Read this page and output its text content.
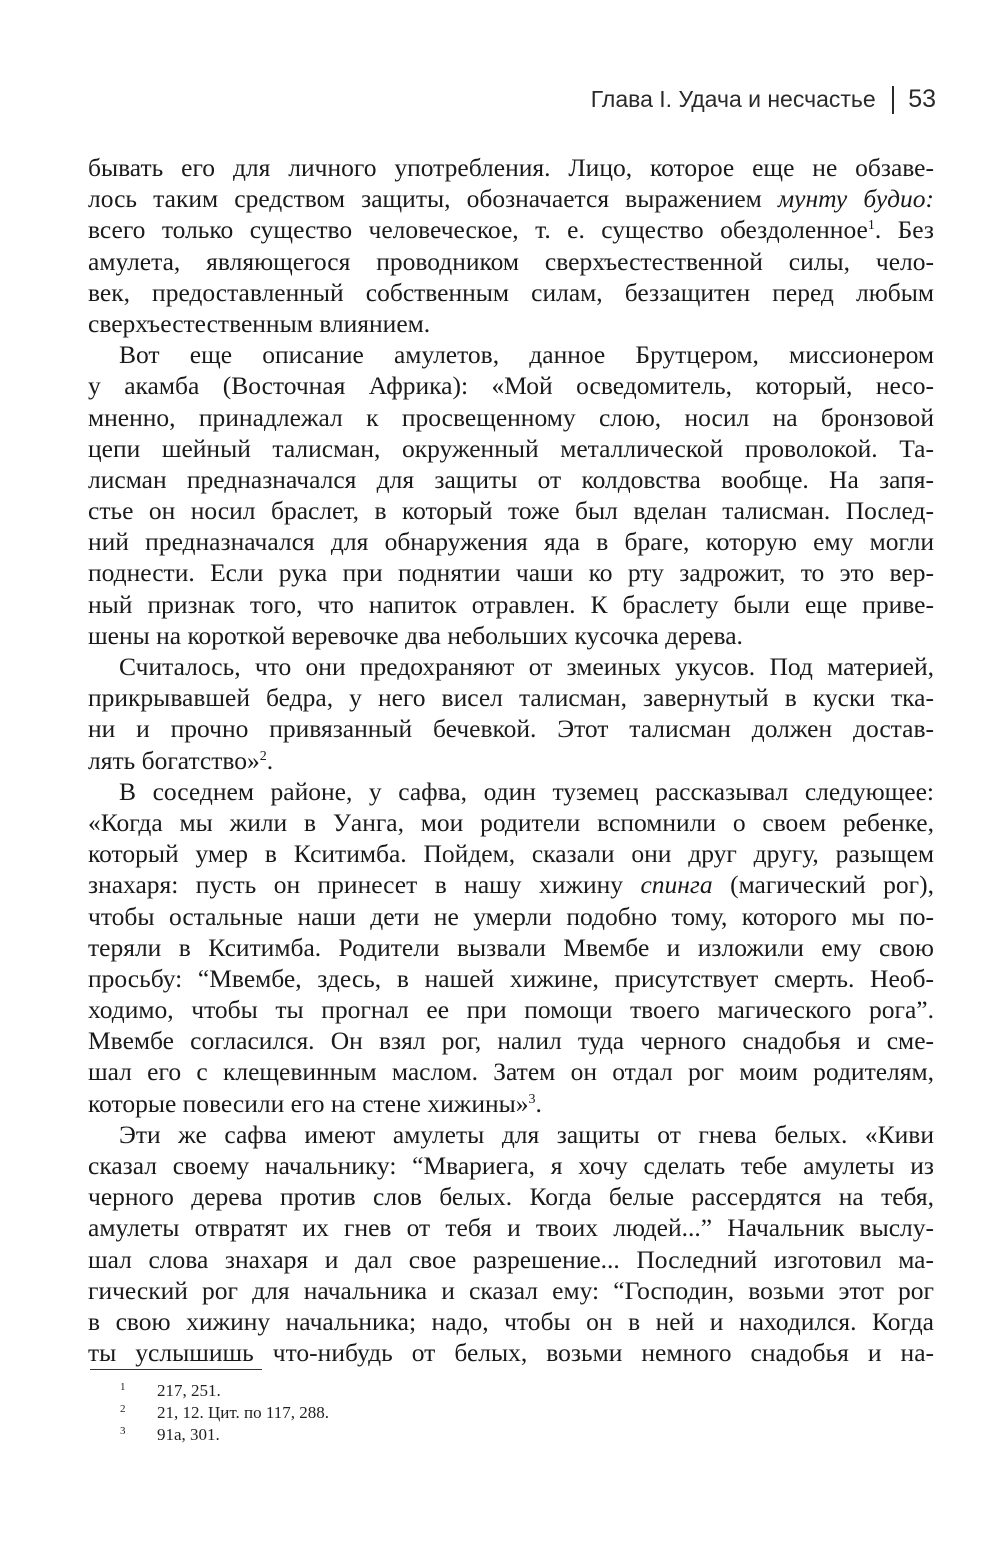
Глава I. Удача и несчастье 53
бывать его для личного употребления. Лицо, которое еще не обзаве-
лось таким средством защиты, обозначается выражением мунту будио:
всего только существо человеческое, т. е. существо обездоленное$^1$. Без
амулета, являющегося проводником сверхъестественной силы, чело-
век, предоставленный собственным силам, беззащитен перед любым
сверхъестественным влиянием.
Вот еще описание амулетов, данное Брутцером, миссионером
у акамба (Восточная Африка): «Мой осведомитель, который, несо-
мненно, принадлежал к просвещенному слою, носил на бронзовой
цепи шейный талисман, окруженный металлической проволокой. Та-
лисман предназначался для защиты от колдовства вообще. На запя-
стье он носил браслет, в который тоже был вделан талисман. Послед-
ний предназначался для обнаружения яда в браге, которую ему могли
поднести. Если рука при поднятии чаши ко рту задрожит, то это вер-
ный признак того, что напиток отравлен. К браслету были еще приве-
шены на короткой веревочке два небольших кусочка дерева.
Считалось, что они предохраняют от змеиных укусов. Под материей,
прикрывавшей бедра, у него висел талисман, завернутый в куски тка-
ни и прочно привязанный бечевкой. Этот талисман должен достав-
лять богатство»$^2$.
В соседнем районе, у сафва, один туземец рассказывал следующее:
«Когда мы жили в Уанга, мои родители вспомнили о своем ребенке,
который умер в Кситимба. Пойдем, сказали они друг другу, разыщем
знахаря: пусть он принесет в нашу хижину спинга (магический рог),
чтобы остальные наши дети не умерли подобно тому, которого мы по-
теряли в Кситимба. Родители вызвали Мвембе и изложили ему свою
просьбу: “Мвембе, здесь, в нашей хижине, присутствует смерть. Необ-
ходимо, чтобы ты прогнал ее при помощи твоего магического рога”.
Мвембе согласился. Он взял рог, налил туда черного снадобья и сме-
шал его с клещевинным маслом. Затем он отдал рог моим родителям,
которые повесили его на стене хижины»$^3$.
Эти же сафва имеют амулеты для защиты от гнева белых. «Киви
сказал своему начальнику: “Мвариега, я хочу сделать тебе амулеты из
черного дерева против слов белых. Когда белые рассердятся на тебя,
амулеты отвратят их гнев от тебя и твоих людей...” Начальник выслу-
шал слова знахаря и дал свое разрешение... Последний изготовил ма-
гический рог для начальника и сказал ему: “Господин, возьми этот рог
в свою хижину начальника; надо, чтобы он в ней и находился. Когда
ты услышишь что-нибудь от белых, возьми немного снадобья и на-
1	217, 251.
2	21, 12. Цит. по 117, 288.
3	91a, 301.
